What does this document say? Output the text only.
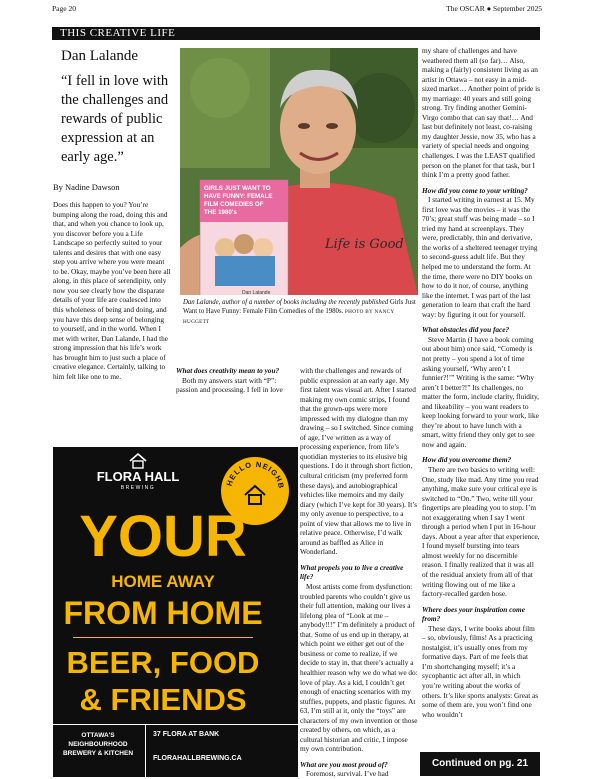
Page 20	The OSCAR ● September 2025
THIS CREATIVE LIFE
Dan Lalande
“I fell in love with the challenges and rewards of public expression at an early age.”
By Nadine Dawson

Does this happen to you? You’re bumping along the road, doing this and that, and when you chance to look up, you discover before you a Life Landscape so perfectly suited to your talents and desires that with one easy step you arrive where you were meant to be. Okay, maybe you’ve been here all along, in this place of serendipity, only now you see clearly how the disparate details of your life are coalesced into this wholeness of being and doing, and you have this deep sense of belonging to yourself, and in the world. When I met with writer, Dan Lalande, I had the strong impression that his life’s work has brought him to just such a place of creative elegance. Certainly, talking to him felt like one to me.

Life is Good
GIRLS JUST WANT TO
HAVE FUNNY: FEMALE
FILM COMEDIES OF
THE 1980's
Dan Lalande
Dan Lalande, author of a number of books including the recently published Girls Just Want to Have Funny: Female Film Comedies of the 1980s. PHOTO BY NANCY HUGGETT

What does creativity mean to you?

Both my answers start with “P”: passion and processing. I fell in love

with the challenges and rewards of public expression at an early age. My first talent was visual art. After I started making my own comic strips, I found that the grown-ups were more impressed with my dialogue than my drawing – so I switched. Since coming of age, I’ve written as a way of processing experience, from life’s quotidian mysteries to its elusive big questions. I do it through short fiction, cultural criticism (my preferred form these days), and autobiographical vehicles like memoirs and my daily diary (which I’ve kept for 30 years). It’s my only avenue to perspective, to a point of view that allows me to live in relative peace. Otherwise, I’d walk around as baffled as Alice in Wonderland.

What propels you to live a creative life?

Most artists come from dysfunction: troubled parents who couldn’t give us their full attention, making our lives a lifelong plea of “Look at me – anybody!!!” I’m definitely a product of that. Some of us end up in therapy, at which point we either get out of the business or come to realize, if we decide to stay in, that there’s actually a healthier reason why we do what we do: love of play. As a kid, I couldn’t get enough of enacting scenarios with my stuffies, puppets, and plastic figures. At 63, I’m still at it, only the “toys” are characters of my own invention or those created by others, on which, as a cultural historian and critic, I impose my own contribution.

What are you most proud of?

Foremost, survival. I’ve had

my share of challenges and have weathered them all (so far)… Also, making a (fairly) consistent living as an artist in Ottawa – not easy in a mid-sized market… Another point of pride is my marriage: 40 years and still going strong. Try finding another Gemini-Virgo combo that can say that!… And last but definitely not least, co-raising my daughter Jessie, now 35, who has a variety of special needs and ongoing challenges. I was the LEAST qualified person on the planet for that task, but I think I’m a pretty good father.

How did you come to your writing?

I started writing in earnest at 15. My first love was the movies – it was the 70’s; great stuff was being made – so I tried my hand at screenplays. They were, predictably, thin and derivative, the works of a sheltered teenager trying to second-guess adult life. But they helped me to understand the form. At the time, there were no DIY books on how to do it nor, of course, anything like the internet. I was part of the last generation to learn that craft the hard way: by figuring it out for yourself.

What obstacles did you face?

Steve Martin (I have a book coming out about him) once said, “Comedy is not pretty – you spend a lot of time asking yourself, ‘Why aren’t I funnier?!’” Writing is the same: “Why aren’t I better?!” Its challenges, no matter the form, include clarity, fluidity, and likeability – you want readers to keep looking forward to your work, like they’re about to have lunch with a smart, witty friend they only get to see now and again.

How did you overcome them?

There are two basics to writing well: One, study like mad. Any time you read anything, make sure your critical eye is switched to “On.” Two, write till your fingertips are pleading you to stop. I’m not exaggerating when I say I went through a period when I put in 16-hour days. About a year after that experience, I found myself bursting into tears almost weekly for no discernible reason. I finally realized that it was all of the residual anxiety from all of that writing flowing out of me like a factory-recalled garden hose.

Where does your inspiration come from?

These days, I write books about film – so, obviously, films! As a practicing nostalgist, it’s usually ones from my formative days. Part of me feels that I’m shortchanging myself; it’s a sycophantic act after all, in which you’re writing about the works of others. It’s like sports analysts: Great as some of them are, you won’t find one who wouldn’t

FLORA HALL
BREWING
HELLO NEIGHB
YOUR
HOME AWAY
FROM HOME
BEER, FOOD
& FRIENDS
OTTAWA'S NEIGHBOURHOOD BREWERY & KITCHEN
37 FLORA AT BANK
FLORAHALLBREWING.CA	Continued on pg. 21
